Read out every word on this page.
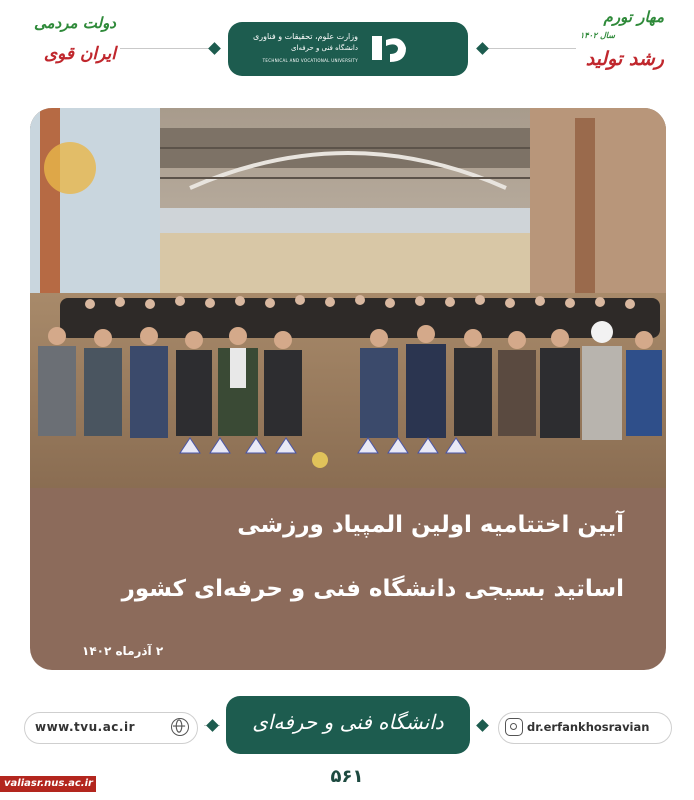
دولت مردمی
ایران قوی
مهار تورم
سال ۱۴۰۲
رشد تولید
وزارت علوم، تحقیقات و فناوری
دانشگاه فنی و حرفه‌ای
TECHNICAL AND VOCATIONAL UNIVERSITY
آیین اختتامیه اولین المپیاد ورزشی
اساتید بسیجی دانشگاه فنی و حرفه‌ای کشور
۲ آذرماه ۱۴۰۲
www.tvu.ac.ir	dr.erfankhosravian
دانشگاه فنی و حرفه‌ای
۵۶۱
valiasr.nus.ac.ir
